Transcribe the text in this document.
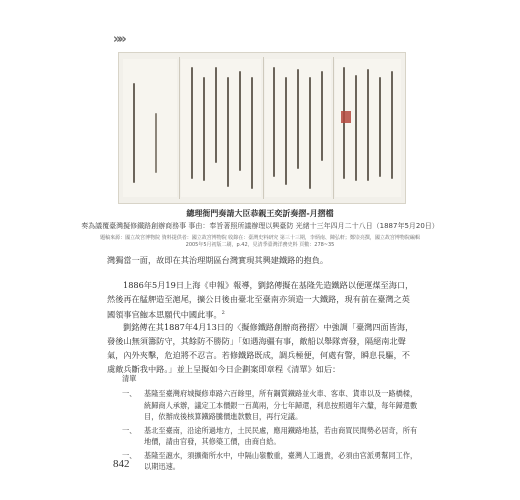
»»
總理衙門奏請大臣恭親王奕訢奏摺-月摺檔
奏為議覆臺灣擬修鐵路創辦商務事 事由：奉旨著照所議辦理以興臺防 光緒十三年四月二十八日（1887年5月20日）
題稿來源：國立故宮博物院 資料提供者：國立故宮博物院 收錄在：臺灣史料研究 第三十三期，李炳南、陳弘軒；鄭崇亮撰，國立故宮博物院編輯
2005年5月初版二刷，p.42，見清季臺灣洋務史料 頁數：278~35

灣獨當一面，故即在其治理期區台灣實現其興建鐵路的抱負。

1886年5月19日上海《申報》報導，劉銘傳擬在基隆先造鐵路以便運煤至海口，然後再在艋舺造至滬尾，擴公日後由臺北至臺南亦須造一大鐵路，現有前在臺灣之英國領事官鮑本思願代中國此事。$^2$

劉銘傳在其1887年4月13日的〈擬修鐵路創辦商務摺〉中強調「臺灣四面皆海，發後山無須籌防守，其餘防不勝防」「如遇海疆有事，敵船以舉隊齊發，隔絕南北聲氣，內外夾擊，危迫將不忍言。若修鐵路既成，調兵極便，何處有警，瞬息長驅，不虞敵兵斷我中路。」並上呈擬如今日企劃案即章程《清單》如后：

清單
一、 基隆至臺灣府城擬修車路六百餘里，所有鋼質鐵路並火車、客車、貨車以及一路橋樑，統歸商人承辦，議定工本價銀一百萬兩，分七年歸還，利息按照週年六釐，每年歸還數目，依辦成後核算鐵路騰價進款數目，再行定議。
一、 基北至臺南，沿途所過地方，土民民處，應用鐵路地基，若由商買民間勢必居奇，所有地價，請由官發，其修築工價，由商自給。
一、 基隆至滬水，須擴衛所水中，中隔山嶺數重，臺灣人工過貴，必須由官派勇幫同工作，以期迅速。
842
